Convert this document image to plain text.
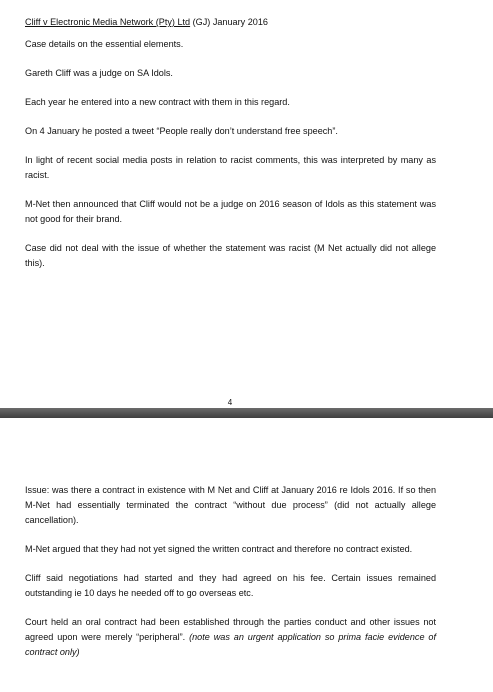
Cliff v Electronic Media Network (Pty) Ltd (GJ) January 2016

Case details on the essential elements.

Gareth Cliff was a judge on SA Idols.

Each year he entered into a new contract with them in this regard.

On 4 January he posted a tweet “People really don’t understand free speech”.

In light of recent social media posts in relation to racist comments, this was interpreted by many as racist.

M-Net then announced that Cliff would not be a judge on 2016 season of Idols as this statement was not good for their brand.

Case did not deal with the issue of whether the statement was racist (M Net actually did not allege this).

4

Issue: was there a contract in existence with M Net and Cliff at January 2016 re Idols 2016. If so then M-Net had essentially terminated the contract “without due process” (did not actually allege cancellation).

M-Net argued that they had not yet signed the written contract and therefore no contract existed.

Cliff said negotiations had started and they had agreed on his fee. Certain issues remained outstanding ie 10 days he needed off to go overseas etc.

Court held an oral contract had been established through the parties conduct and other issues not agreed upon were merely “peripheral”. (note was an urgent application so prima facie evidence of contract only)
